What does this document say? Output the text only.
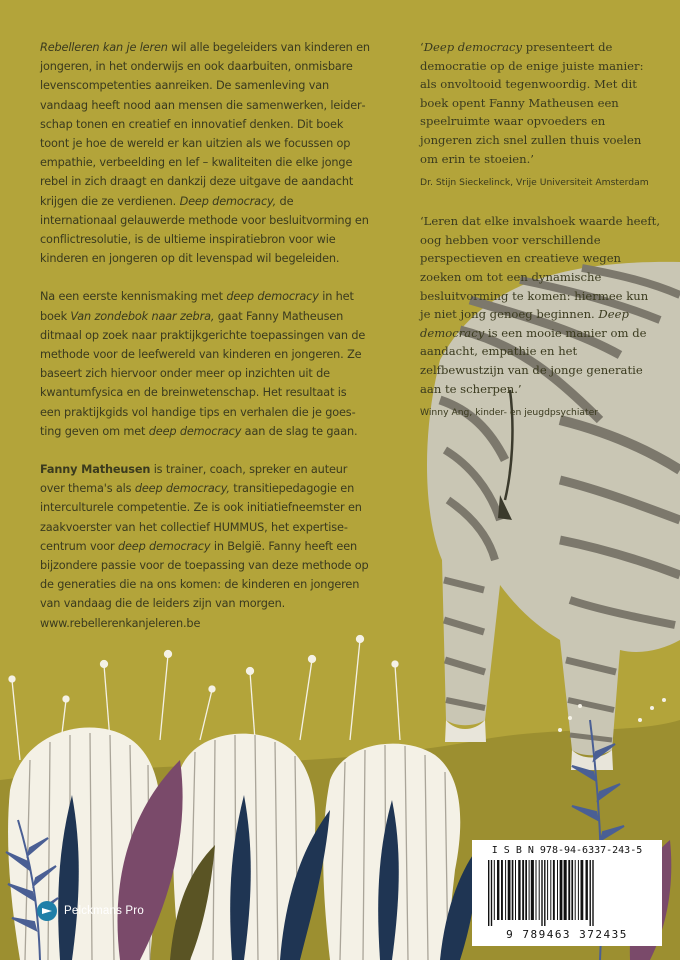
Rebelleren kan je leren wil alle begeleiders van kinderen en jongeren, in het onderwijs en ook daarbuiten, onmisbare levenscompetenties aanreiken. De samenleving van vandaag heeft nood aan mensen die samenwerken, leiderschap tonen en creatief en innovatief denken. Dit boek toont je hoe de wereld er kan uitzien als we focussen op empathie, verbeelding en lef – kwaliteiten die elke jonge rebel in zich draagt en dankzij deze uitgave de aandacht krijgen die ze verdienen. Deep democracy, de internationaal gelauwerde methode voor besluitvorming en conflictresolutie, is de ultieme inspiratiebron voor wie kinderen en jongeren op dit levenspad wil begeleiden.

Na een eerste kennismaking met deep democracy in het boek Van zondebok naar zebra, gaat Fanny Matheusen ditmaal op zoek naar praktijkgerichte toepassingen van de methode voor de leefwereld van kinderen en jongeren. Ze baseert zich hiervoor onder meer op inzichten uit de kwantumfysica en de breinwetenschap. Het resultaat is een praktijkgids vol handige tips en verhalen die je goesting geven om met deep democracy aan de slag te gaan.

Fanny Matheusen is trainer, coach, spreker en auteur over thema's als deep democracy, transitiepedagogie en interculturele competentie. Ze is ook initiatiefneemster en zaakvoerster van het collectief HUMMUS, het expertisecentrum voor deep democracy in België. Fanny heeft een bijzondere passie voor de toepassing van deze methode op de generaties die na ons komen: de kinderen en jongeren van vandaag die de leiders zijn van morgen.
www.rebellerenkanjeleren.be

‘Deep democracy presenteert de democratie op de enige juiste manier: als onvoltooid tegenwoordig. Met dit boek opent Fanny Matheusen een speelruimte waar opvoeders en jongeren zich snel zullen thuis voelen om erin te stoeien.’

Dr. Stijn Sieckelinck, Vrije Universiteit Amsterdam

‘Leren dat elke invalshoek waarde heeft, oog hebben voor verschillende perspectieven en creatieve wegen zoeken om tot een dynamische besluitvorming te komen: hiermee kun je niet jong genoeg beginnen. Deep democracy is een mooie manier om de aandacht, empathie en het zelfbewustzijn van de jonge generatie aan te scherpen.’

Winny Ang, kinder- en jeugdpsychiater

I S B N 978-94-6337-243-5
9 789463 372435
Pelckmans Pro
